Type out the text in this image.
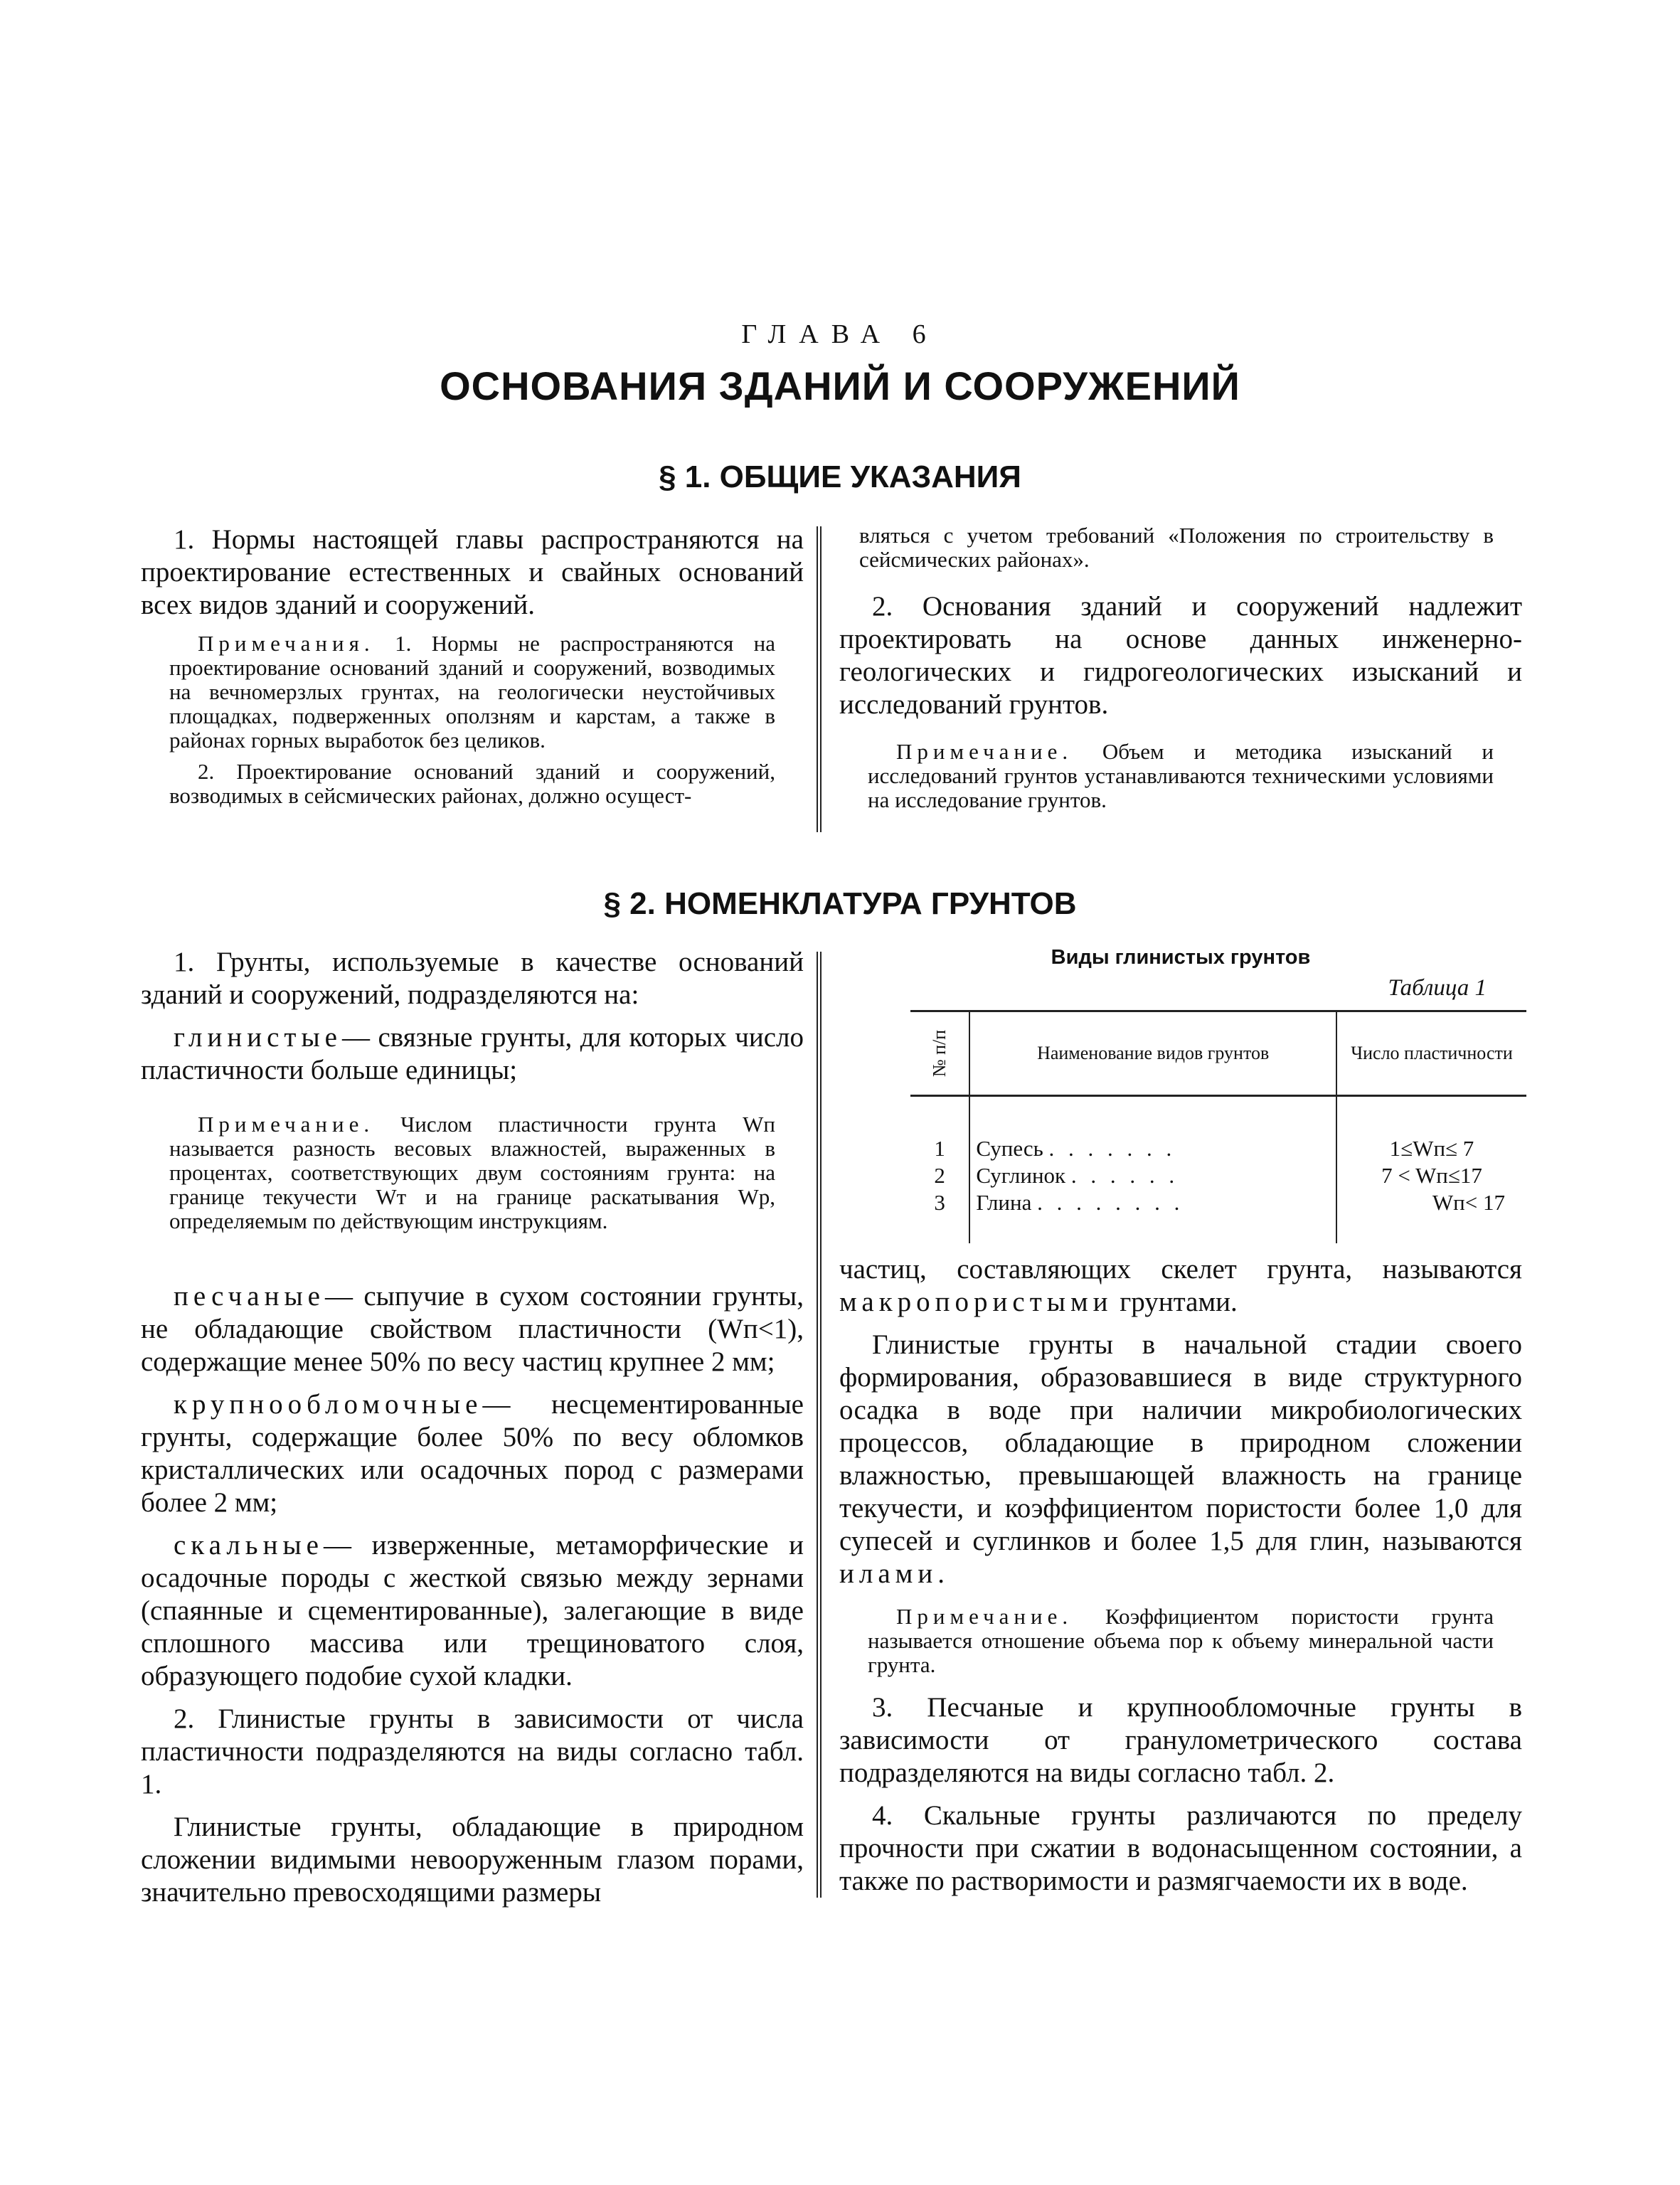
ГЛАВА 6
ОСНОВАНИЯ ЗДАНИЙ И СООРУЖЕНИЙ
§ 1. ОБЩИЕ УКАЗАНИЯ

1. Нормы настоящей главы распространяются на проектирование естественных и свайных оснований всех видов зданий и сооружений.

Примечания. 1. Нормы не распространяются на проектирование оснований зданий и сооружений, возводимых на вечномерзлых грунтах, на геологически неустойчивых площадках, подверженных оползням и карстам, а также в районах горных выработок без целиков.

2. Проектирование оснований зданий и сооружений, возводимых в сейсмических районах, должно осущест-

вляться с учетом требований «Положения по строительству в сейсмических районах».

2. Основания зданий и сооружений надлежит проектировать на основе данных инженерно-геологических и гидрогеологических изысканий и исследований грунтов.

Примечание. Объем и методика изысканий и исследований грунтов устанавливаются техническими условиями на исследование грунтов.

§ 2. НОМЕНКЛАТУРА ГРУНТОВ

1. Грунты, используемые в качестве оснований зданий и сооружений, подразделяются на:

глинистые— связные грунты, для которых число пластичности больше единицы;

Примечание. Числом пластичности грунта Wп называется разность весовых влажностей, выраженных в процентах, соответствующих двум состояниям грунта: на границе текучести Wт и на границе раскатывания Wр, определяемым по действующим инструкциям.

песчаные— сыпучие в сухом состоянии грунты, не обладающие свойством пластичности (Wп<1), содержащие менее 50% по весу частиц крупнее 2 мм;

крупнообломочные— несцементированные грунты, содержащие более 50% по весу обломков кристаллических или осадочных пород с размерами более 2 мм;

скальные— изверженные, метаморфические и осадочные породы с жесткой связью между зернами (спаянные и сцементированные), залегающие в виде сплошного массива или трещиноватого слоя, образующего подобие сухой кладки.

2. Глинистые грунты в зависимости от числа пластичности подразделяются на виды согласно табл. 1.

Глинистые грунты, обладающие в природном сложении видимыми невооруженным глазом порами, значительно превосходящими размеры

Виды глинистых грунтов
Таблица 1
№ п/п	Наименование видов грунтов	Число пластичности
1	Супесь . . . . . . .	1≤Wп≤ 7
2	Суглинок . . . . . .	7 < Wп≤17
3	Глина . . . . . . . .	Wп< 17

частиц, составляющих скелет грунта, называются макропористыми грунтами.

Глинистые грунты в начальной стадии своего формирования, образовавшиеся в виде структурного осадка в воде при наличии микробиологических процессов, обладающие в природном сложении влажностью, превышающей влажность на границе текучести, и коэффициентом пористости более 1,0 для супесей и суглинков и более 1,5 для глин, называются илами.

Примечание. Коэффициентом пористости грунта называется отношение объема пор к объему минеральной части грунта.

3. Песчаные и крупнообломочные грунты в зависимости от гранулометрического состава подразделяются на виды согласно табл. 2.

4. Скальные грунты различаются по пределу прочности при сжатии в водонасыщенном состоянии, а также по растворимости и размягчаемости их в воде.
